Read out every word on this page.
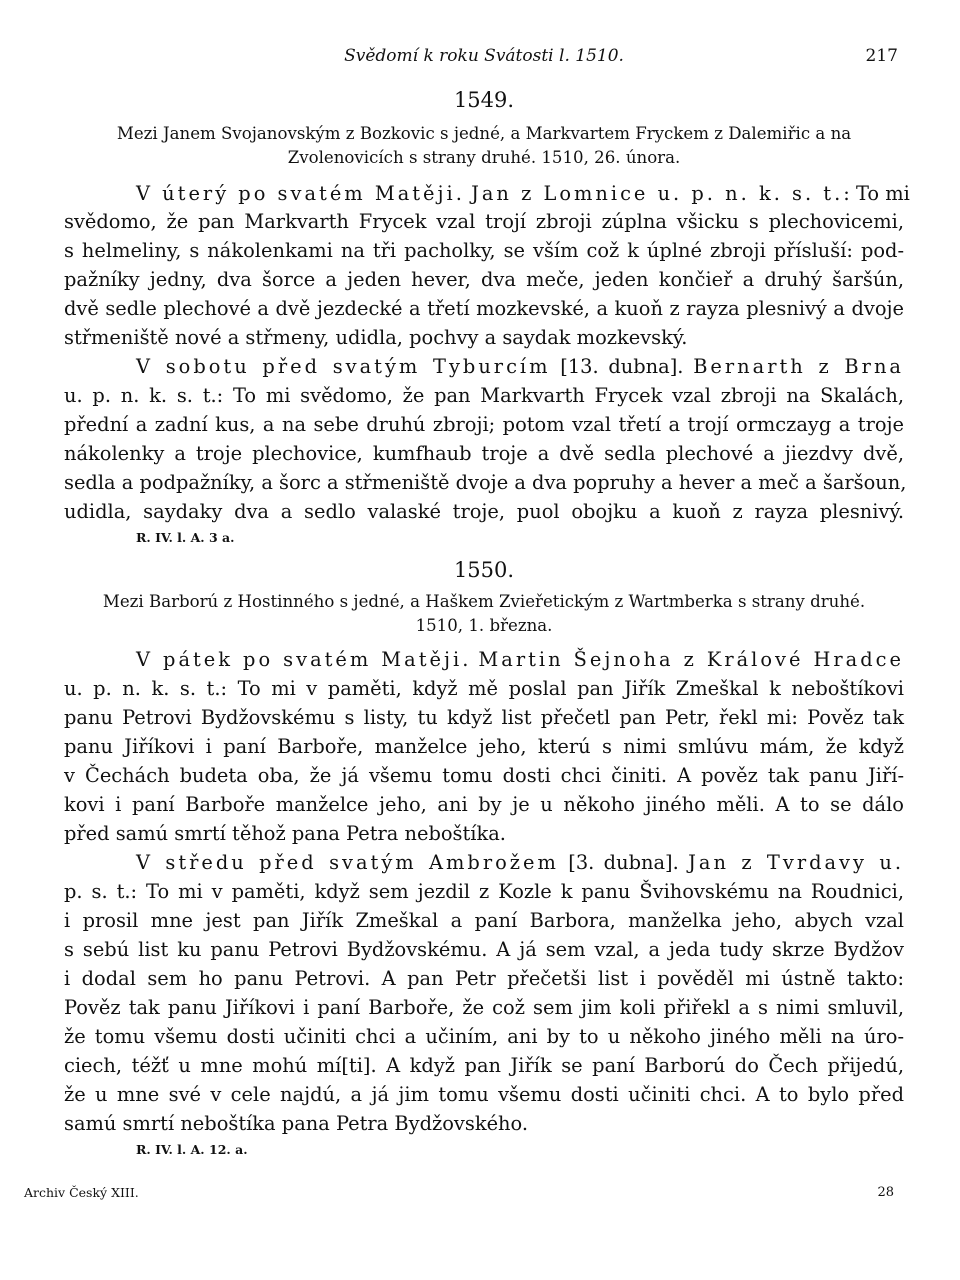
Svědomí k roku Svátosti l. 1510.	217
1549.
Mezi Janem Svojanovským z Bozkovic s jedné, a Markvartem Fryckem z Dalemiřic a na
Zvolenovicích s strany druhé. 1510, 26. února.
V úterý po svatém Matěji. Jan z Lomnice u. p. n. k. s. t.: To mi
svědomo, že pan Markvarth Frycek vzal trojí zbroji zúplna všicku s plechovicemi,
s helmeliny, s nákolenkami na tři pacholky, se vším což k úplné zbroji přísluší: pod-
pažníky jedny, dva šorce a jeden hever, dva meče, jeden končieř a druhý šaršún,
dvě sedle plechové a dvě jezdecké a třetí mozkevské, a kuoň z rayza plesnivý a dvoje
střmeniště nové a střmeny, udidla, pochvy a saydak mozkevský.
V sobotu před svatým Tyburcím [13. dubna]. Bernarth z Brna
u. p. n. k. s. t.: To mi svědomo, že pan Markvarth Frycek vzal zbroji na Skalách,
přední a zadní kus, a na sebe druhú zbroji; potom vzal třetí a trojí ormczayg a troje
nákolenky a troje plechovice, kumfhaub troje a dvě sedla plechové a jiezdvy dvě,
sedla a podpažníky, a šorc a střmeniště dvoje a dva popruhy a hever a meč a šaršoun,
udidla, saydaky dva a sedlo valaské troje, puol obojku a kuoň z rayza plesnivý.
R. IV. l. A. 3 a.
1550.
Mezi Barború z Hostinného s jedné, a Haškem Zvieřetickým z Wartmberka s strany druhé.
1510, 1. března.
V pátek po svatém Matěji. Martin Šejnoha z Králové Hradce
u. p. n. k. s. t.: To mi v paměti, když mě poslal pan Jiřík Zmeškal k neboštíkovi
panu Petrovi Bydžovskému s listy, tu když list přečetl pan Petr, řekl mi: Pověz tak
panu Jiříkovi i paní Barboře, manželce jeho, kterú s nimi smlúvu mám, že když
v Čechách budeta oba, že já všemu tomu dosti chci činiti. A pověz tak panu Jiří-
kovi i paní Barboře manželce jeho, ani by je u někoho jiného měli. A to se dálo
před samú smrtí těhož pana Petra neboštíka.
V středu před svatým Ambrožem [3. dubna]. Jan z Tvrdavy u.
p. s. t.: To mi v paměti, když sem jezdil z Kozle k panu Švihovskému na Roudnici,
i prosil mne jest pan Jiřík Zmeškal a paní Barbora, manželka jeho, abych vzal
s sebú list ku panu Petrovi Bydžovskému. A já sem vzal, a jeda tudy skrze Bydžov
i dodal sem ho panu Petrovi. A pan Petr přečetši list i pověděl mi ústně takto:
Pověz tak panu Jiříkovi i paní Barboře, že což sem jim koli přiřekl a s nimi smluvil,
že tomu všemu dosti učiniti chci a učiním, ani by to u někoho jiného měli na úro-
ciech, téžť u mne mohú mí[ti]. A když pan Jiřík se paní Barború do Čech přijedú,
že u mne své v cele najdú, a já jim tomu všemu dosti učiniti chci. A to bylo před
samú smrtí neboštíka pana Petra Bydžovského.
R. IV. l. A. 12. a.
Archiv Český XIII.	28
